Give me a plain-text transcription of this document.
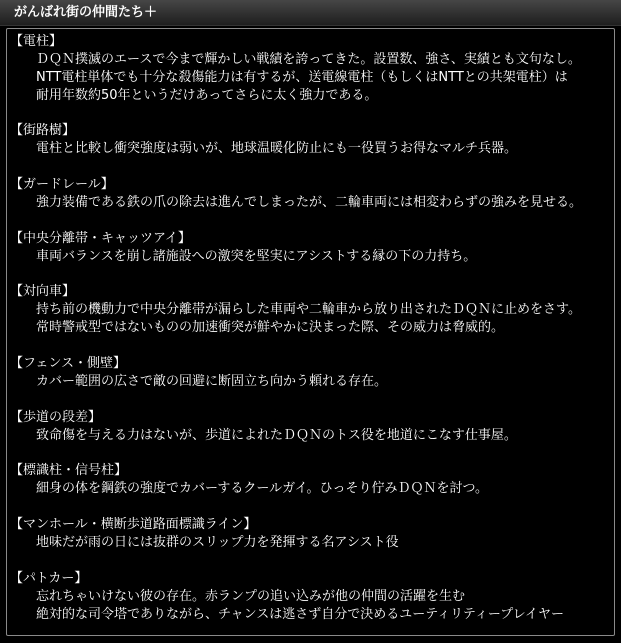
がんばれ街の仲間たち＋
【電柱】
ＤＱＮ撲滅のエースで今まで輝かしい戦績を誇ってきた。設置数、強さ、実績とも文句なし。
NTT電柱単体でも十分な殺傷能力は有するが、送電線電柱（もしくはNTTとの共架電柱）は
耐用年数約50年というだけあってさらに太く強力である。
【街路樹】
電柱と比較し衝突強度は弱いが、地球温暖化防止にも一役買うお得なマルチ兵器。
【ガードレール】
強力装備である鉄の爪の除去は進んでしまったが、二輪車両には相変わらずの強みを見せる。
【中央分離帯・キャッツアイ】
車両バランスを崩し諸施設への激突を堅実にアシストする縁の下の力持ち。
【対向車】
持ち前の機動力で中央分離帯が漏らした車両や二輪車から放り出されたＤＱＮに止めをさす。
常時警戒型ではないものの加速衝突が鮮やかに決まった際、その威力は脅威的。
【フェンス・側壁】
カバー範囲の広さで敵の回避に断固立ち向かう頼れる存在。
【歩道の段差】
致命傷を与える力はないが、歩道によれたＤＱＮのトス役を地道にこなす仕事屋。
【標識柱・信号柱】
細身の体を鋼鉄の強度でカバーするクールガイ。ひっそり佇みＤＱＮを討つ。
【マンホール・横断歩道路面標識ライン】
地味だが雨の日には抜群のスリップ力を発揮する名アシスト役
【パトカー】
忘れちゃいけない彼の存在。赤ランプの追い込みが他の仲間の活躍を生む
絶対的な司令塔でありながら、チャンスは逃さず自分で決めるユーティリティープレイヤー
